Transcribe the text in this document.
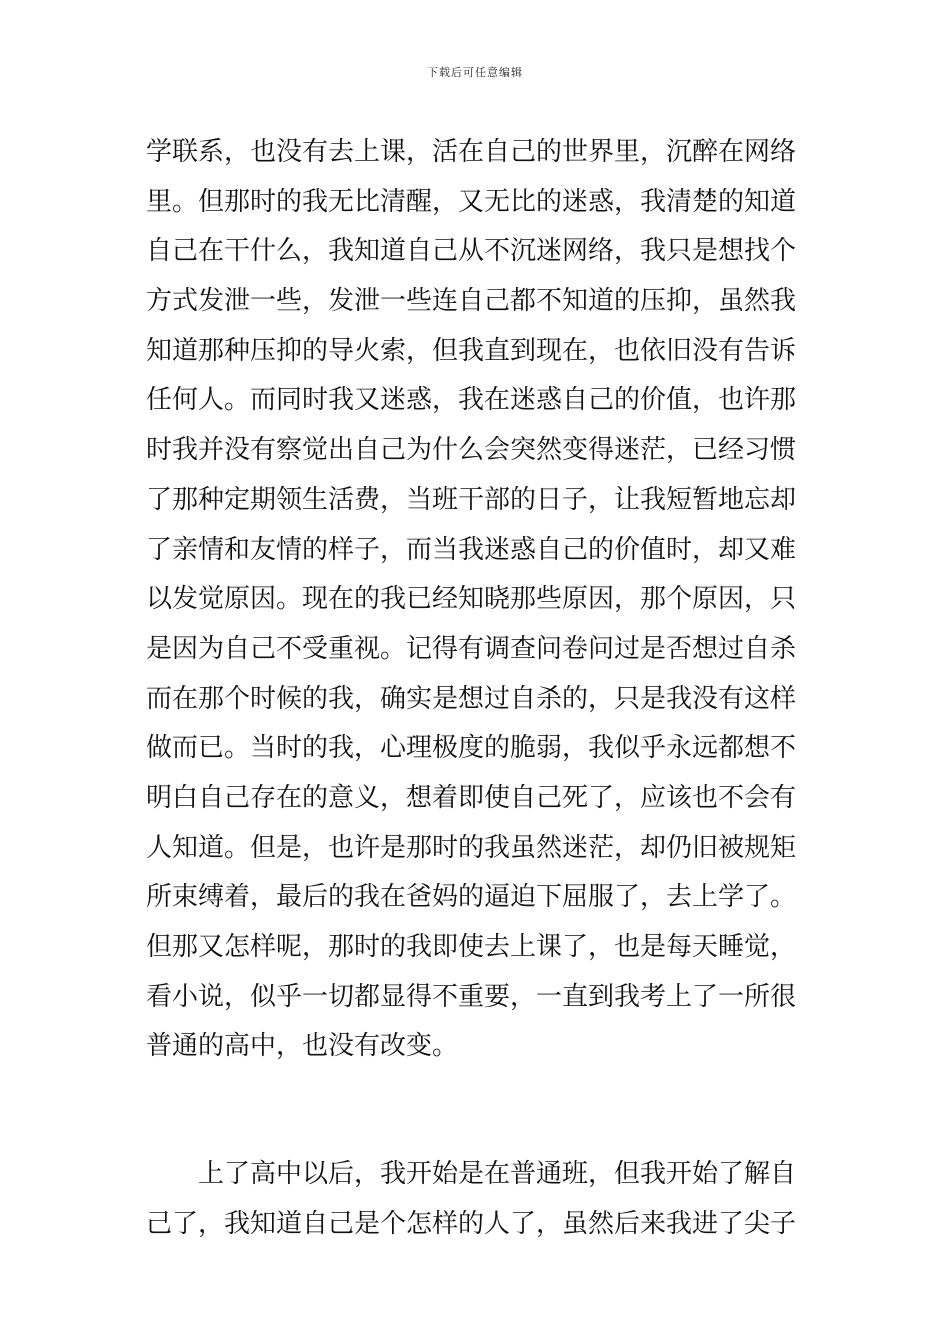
下载后可任意编辑
学联系，也没有去上课，活在自己的世界里，沉醉在网络
里。但那时的我无比清醒，又无比的迷惑，我清楚的知道
自己在干什么，我知道自己从不沉迷网络，我只是想找个
方式发泄一些，发泄一些连自己都不知道的压抑，虽然我
知道那种压抑的导火索，但我直到现在，也依旧没有告诉
任何人。而同时我又迷惑，我在迷惑自己的价值，也许那
时我并没有察觉出自己为什么会突然变得迷茫，已经习惯
了那种定期领生活费，当班干部的日子，让我短暂地忘却
了亲情和友情的样子，而当我迷惑自己的价值时，却又难
以发觉原因。现在的我已经知晓那些原因，那个原因，只
是因为自己不受重视。记得有调查问卷问过是否想过自杀
而在那个时候的我，确实是想过自杀的，只是我没有这样
做而已。当时的我，心理极度的脆弱，我似乎永远都想不
明白自己存在的意义，想着即使自己死了，应该也不会有
人知道。但是，也许是那时的我虽然迷茫，却仍旧被规矩
所束缚着，最后的我在爸妈的逼迫下屈服了，去上学了。
但那又怎样呢，那时的我即使去上课了，也是每天睡觉，
看小说，似乎一切都显得不重要，一直到我考上了一所很
普通的高中，也没有改变。
上了高中以后，我开始是在普通班，但我开始了解自
己了，我知道自己是个怎样的人了，虽然后来我进了尖子
